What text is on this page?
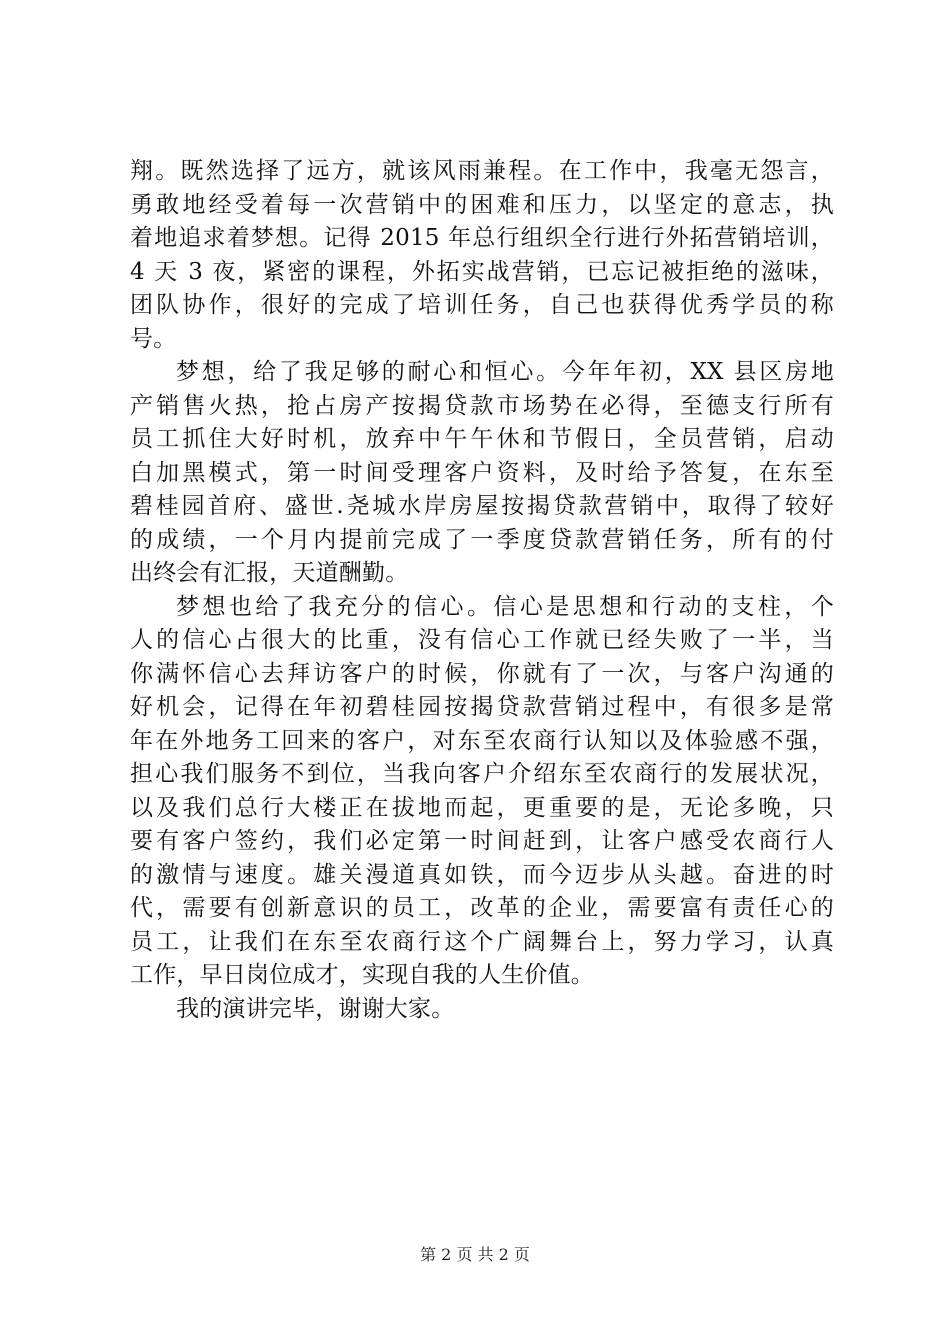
翔。既然选择了远方，就该风雨兼程。在工作中，我毫无怨言，
勇敢地经受着每一次营销中的困难和压力，以坚定的意志，执
着地追求着梦想。记得 2015 年总行组织全行进行外拓营销培训，
4 天 3 夜，紧密的课程，外拓实战营销，已忘记被拒绝的滋味，
团队协作，很好的完成了培训任务，自己也获得优秀学员的称
号。
梦想，给了我足够的耐心和恒心。今年年初，XX 县区房地
产销售火热，抢占房产按揭贷款市场势在必得，至德支行所有
员工抓住大好时机，放弃中午午休和节假日，全员营销，启动
白加黑模式，第一时间受理客户资料，及时给予答复，在东至
碧桂园首府、盛世.尧城水岸房屋按揭贷款营销中，取得了较好
的成绩，一个月内提前完成了一季度贷款营销任务，所有的付
出终会有汇报，天道酬勤。
梦想也给了我充分的信心。信心是思想和行动的支柱，个
人的信心占很大的比重，没有信心工作就已经失败了一半，当
你满怀信心去拜访客户的时候，你就有了一次，与客户沟通的
好机会，记得在年初碧桂园按揭贷款营销过程中，有很多是常
年在外地务工回来的客户，对东至农商行认知以及体验感不强，
担心我们服务不到位，当我向客户介绍东至农商行的发展状况，
以及我们总行大楼正在拔地而起，更重要的是，无论多晚，只
要有客户签约，我们必定第一时间赶到，让客户感受农商行人
的激情与速度。雄关漫道真如铁，而今迈步从头越。奋进的时
代，需要有创新意识的员工，改革的企业，需要富有责任心的
员工，让我们在东至农商行这个广阔舞台上，努力学习，认真
工作，早日岗位成才，实现自我的人生价值。
我的演讲完毕，谢谢大家。
第 2 页 共 2 页
